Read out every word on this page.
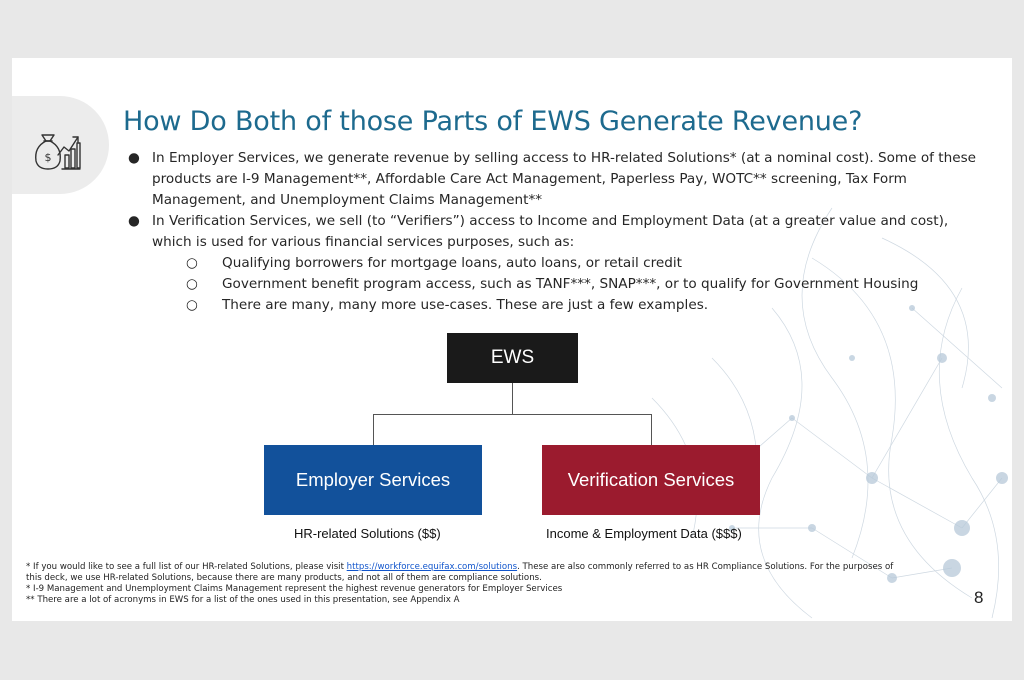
$
How Do Both of those Parts of EWS Generate Revenue?
● In Employer Services, we generate revenue by selling access to HR-related Solutions* (at a nominal cost). Some of these products are I-9 Management**, Affordable Care Act Management, Paperless Pay, WOTC** screening, Tax Form Management, and Unemployment Claims Management**
● In Verification Services, we sell (to “Verifiers”) access to Income and Employment Data (at a greater value and cost), which is used for various financial services purposes, such as:
○ Qualifying borrowers for mortgage loans, auto loans, or retail credit
○ Government benefit program access, such as TANF***, SNAP***, or to qualify for Government Housing
○ There are many, many more use-cases. These are just a few examples.
EWS
Employer Services	Verification Services
HR-related Solutions ($$)	Income & Employment Data ($$$)
* If you would like to see a full list of our HR-related Solutions, please visit https://workforce.equifax.com/solutions. These are also commonly referred to as HR Compliance Solutions. For the purposes of this deck, we use HR-related Solutions, because there are many products, and not all of them are compliance solutions.
* I-9 Management and Unemployment Claims Management represent the highest revenue generators for Employer Services
** There are a lot of acronyms in EWS for a list of the ones used in this presentation, see Appendix A	8
